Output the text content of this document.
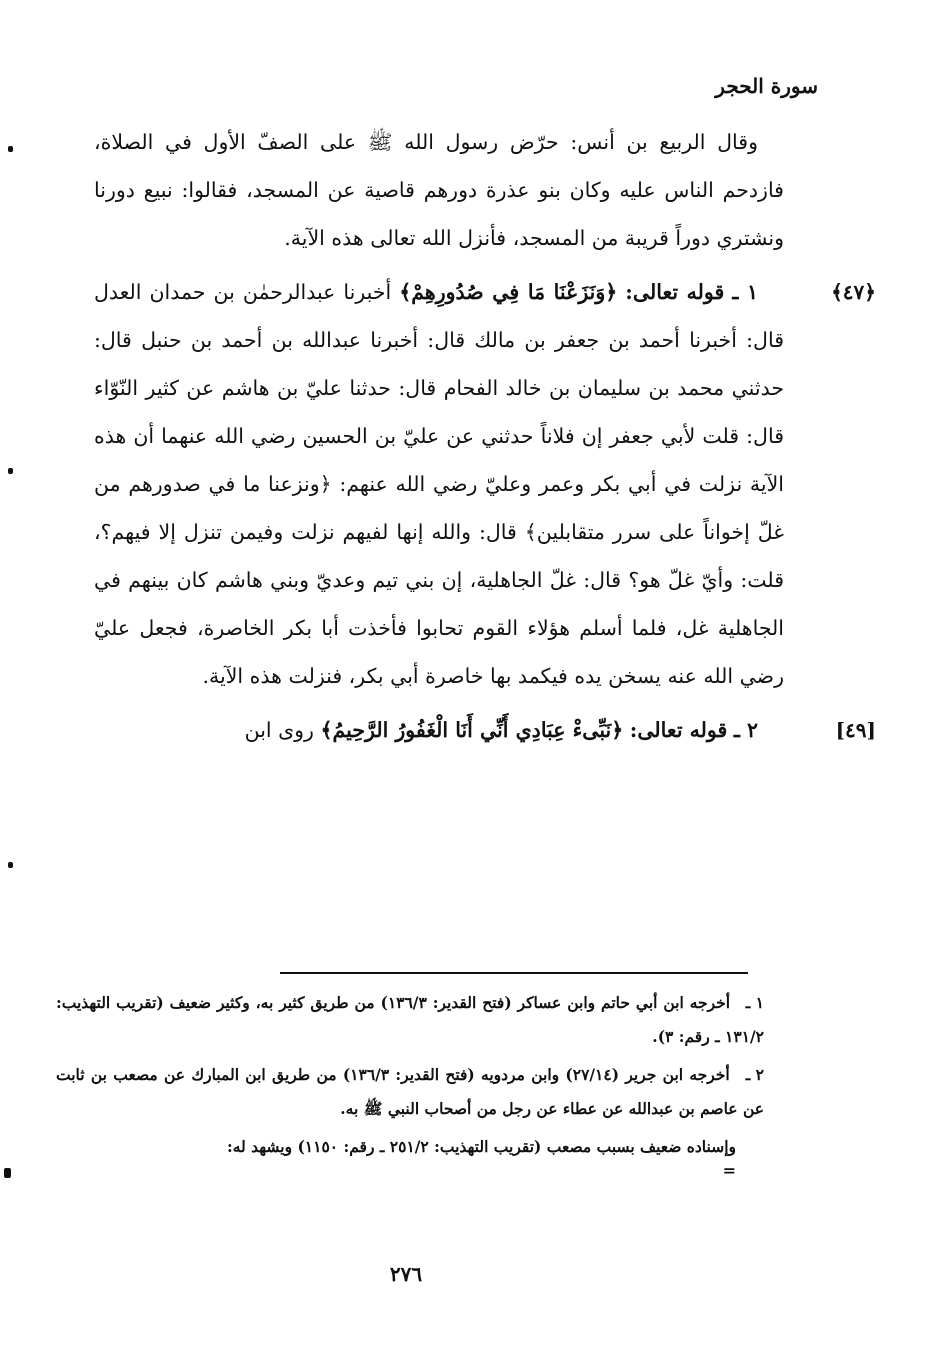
سورة الحجر

وقال الربيع بن أنس: حرّض رسول الله ﷺ على الصفّ الأول في الصلاة، فازدحم الناس عليه وكان بنو عذرة دورهم قاصية عن المسجد، فقالوا: نبيع دورنا ونشتري دوراً قريبة من المسجد، فأنزل الله تعالى هذه الآية.

﴿٤٧﴾
١ ـ قوله تعالى: ﴿وَنَزَعْنَا مَا فِي صُدُورِهِمْ﴾ أخبرنا عبدالرحمٰن بن حمدان العدل قال: أخبرنا أحمد بن جعفر بن مالك قال: أخبرنا عبدالله بن أحمد بن حنبل قال: حدثني محمد بن سليمان بن خالد الفحام قال: حدثنا عليّ بن هاشم عن كثير النّوّاء قال: قلت لأبي جعفر إن فلاناً حدثني عن عليّ بن الحسين رضي الله عنهما أن هذه الآية نزلت في أبي بكر وعمر وعليّ رضي الله عنهم: ﴿ونزعنا ما في صدورهم من غلّ إخواناً على سرر متقابلين﴾ قال: والله إنها لفيهم نزلت وفيمن تنزل إلا فيهم؟، قلت: وأيّ غلّ هو؟ قال: غلّ الجاهلية، إن بني تيم وعديّ وبني هاشم كان بينهم في الجاهلية غل، فلما أسلم هؤلاء القوم تحابوا فأخذت أبا بكر الخاصرة، فجعل عليّ رضي الله عنه يسخن يده فيكمد بها خاصرة أبي بكر، فنزلت هذه الآية.

[٤٩]
٢ ـ قوله تعالى: ﴿نَبِّىءْ عِبَادِي أَنِّي أَنَا الْغَفُورُ الرَّحِيمُ﴾ روى ابن

١ ـ أخرجه ابن أبي حاتم وابن عساكر (فتح القدير: ١٣٦/٣) من طريق كثير به، وكثير ضعيف (تقريب التهذيب: ١٣١/٢ ـ رقم: ٣).

٢ ـ أخرجه ابن جرير (٢٧/١٤) وابن مردويه (فتح القدير: ١٣٦/٣) من طريق ابن المبارك عن مصعب بن ثابت عن عاصم بن عبدالله عن عطاء عن رجل من أصحاب النبي ﷺ به.

وإسناده ضعيف بسبب مصعب (تقريب التهذيب: ٢٥١/٢ ـ رقم: ١١٥٠) ويشهد له:
=

٢٧٦
